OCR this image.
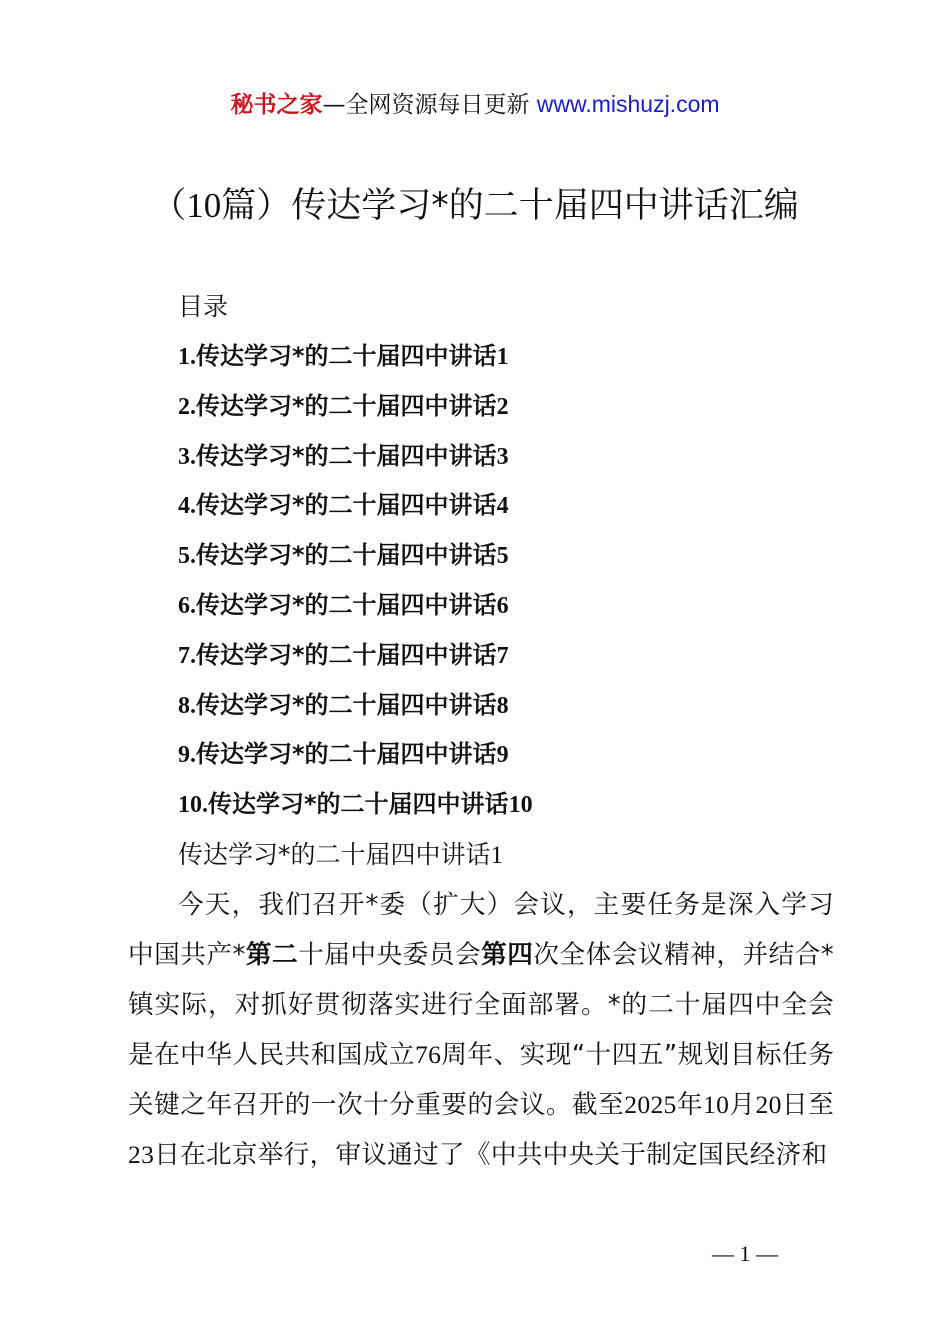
秘书之家—全网资源每日更新 www.mishuzj.com
（10篇）传达学习*的二十届四中讲话汇编
目录
1.传达学习*的二十届四中讲话1
2.传达学习*的二十届四中讲话2
3.传达学习*的二十届四中讲话3
4.传达学习*的二十届四中讲话4
5.传达学习*的二十届四中讲话5
6.传达学习*的二十届四中讲话6
7.传达学习*的二十届四中讲话7
8.传达学习*的二十届四中讲话8
9.传达学习*的二十届四中讲话9
10.传达学习*的二十届四中讲话10
传达学习*的二十届四中讲话1
今天，我们召开*委（扩大）会议，主要任务是深入学习中国共产*第二十届中央委员会第四次全体会议精神，并结合*镇实际，对抓好贯彻落实进行全面部署。*的二十届四中全会是在中华人民共和国成立76周年、实现“十四五”规划目标任务关键之年召开的一次十分重要的会议。截至2025年10月20日至23日在北京举行，审议通过了《中共中央关于制定国民经济和
— 1 —
